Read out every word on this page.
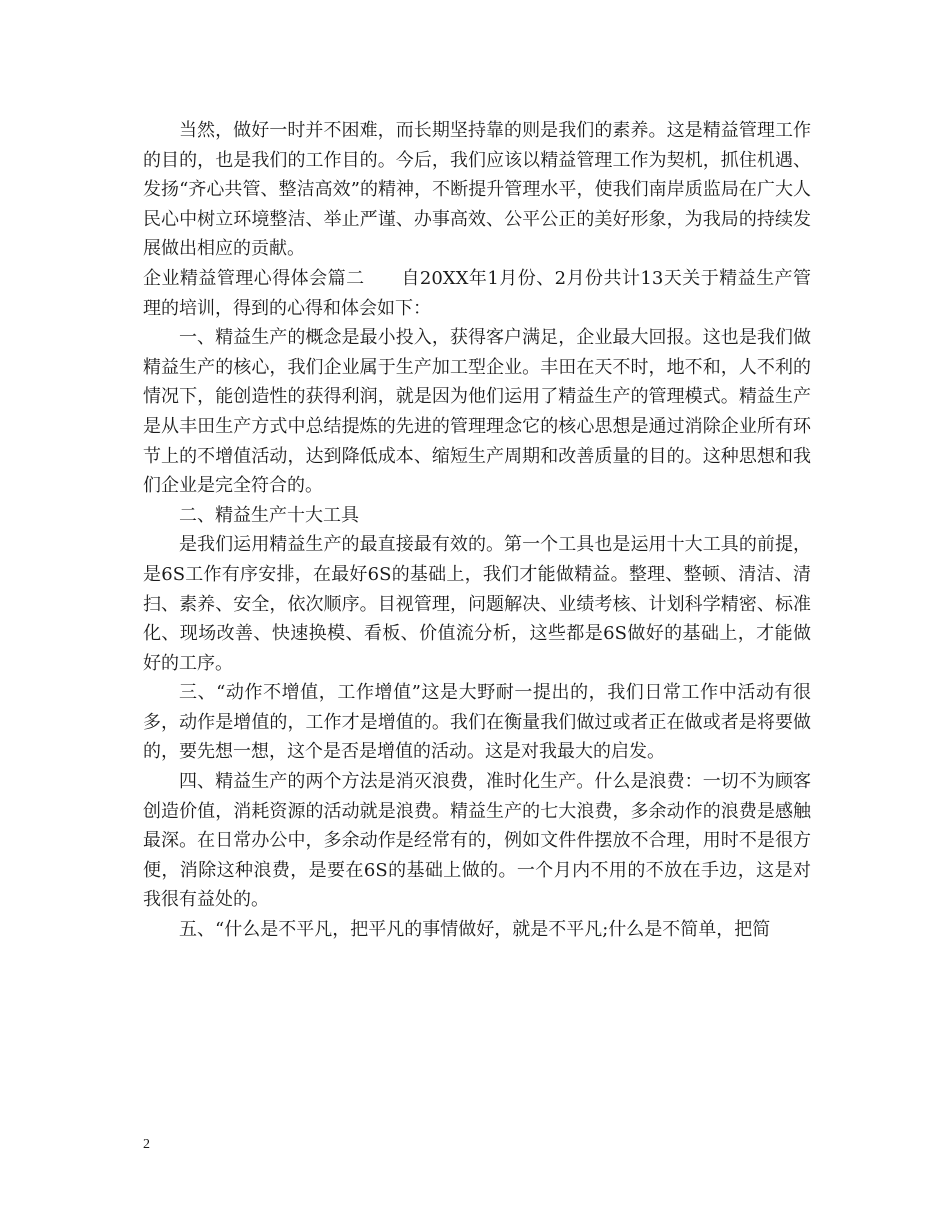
当然，做好一时并不困难，而长期坚持靠的则是我们的素养。这是精益管理工作的目的，也是我们的工作目的。今后，我们应该以精益管理工作为契机，抓住机遇、发扬“齐心共管、整洁高效”的精神，不断提升管理水平，使我们南岸质监局在广大人民心中树立环境整洁、举止严谨、办事高效、公平公正的美好形象，为我局的持续发展做出相应的贡献。

企业精益管理心得体会篇二　　自20XX年1月份、2月份共计13天关于精益生产管理的培训，得到的心得和体会如下：

一、精益生产的概念是最小投入，获得客户满足，企业最大回报。这也是我们做精益生产的核心，我们企业属于生产加工型企业。丰田在天不时，地不和，人不利的情况下，能创造性的获得利润，就是因为他们运用了精益生产的管理模式。精益生产是从丰田生产方式中总结提炼的先进的管理理念它的核心思想是通过消除企业所有环节上的不增值活动，达到降低成本、缩短生产周期和改善质量的目的。这种思想和我们企业是完全符合的。

二、精益生产十大工具

是我们运用精益生产的最直接最有效的。第一个工具也是运用十大工具的前提，是6S工作有序安排，在最好6S的基础上，我们才能做精益。整理、整顿、清洁、清扫、素养、安全，依次顺序。目视管理，问题解决、业绩考核、计划科学精密、标准化、现场改善、快速换模、看板、价值流分析，这些都是6S做好的基础上，才能做好的工序。

三、“动作不增值，工作增值”这是大野耐一提出的，我们日常工作中活动有很多，动作是增值的，工作才是增值的。我们在衡量我们做过或者正在做或者是将要做的，要先想一想，这个是否是增值的活动。这是对我最大的启发。

四、精益生产的两个方法是消灭浪费，准时化生产。什么是浪费：一切不为顾客创造价值，消耗资源的活动就是浪费。精益生产的七大浪费，多余动作的浪费是感触最深。在日常办公中，多余动作是经常有的，例如文件件摆放不合理，用时不是很方便，消除这种浪费，是要在6S的基础上做的。一个月内不用的不放在手边，这是对我很有益处的。

五、“什么是不平凡，把平凡的事情做好，就是不平凡;什么是不简单，把简

2
